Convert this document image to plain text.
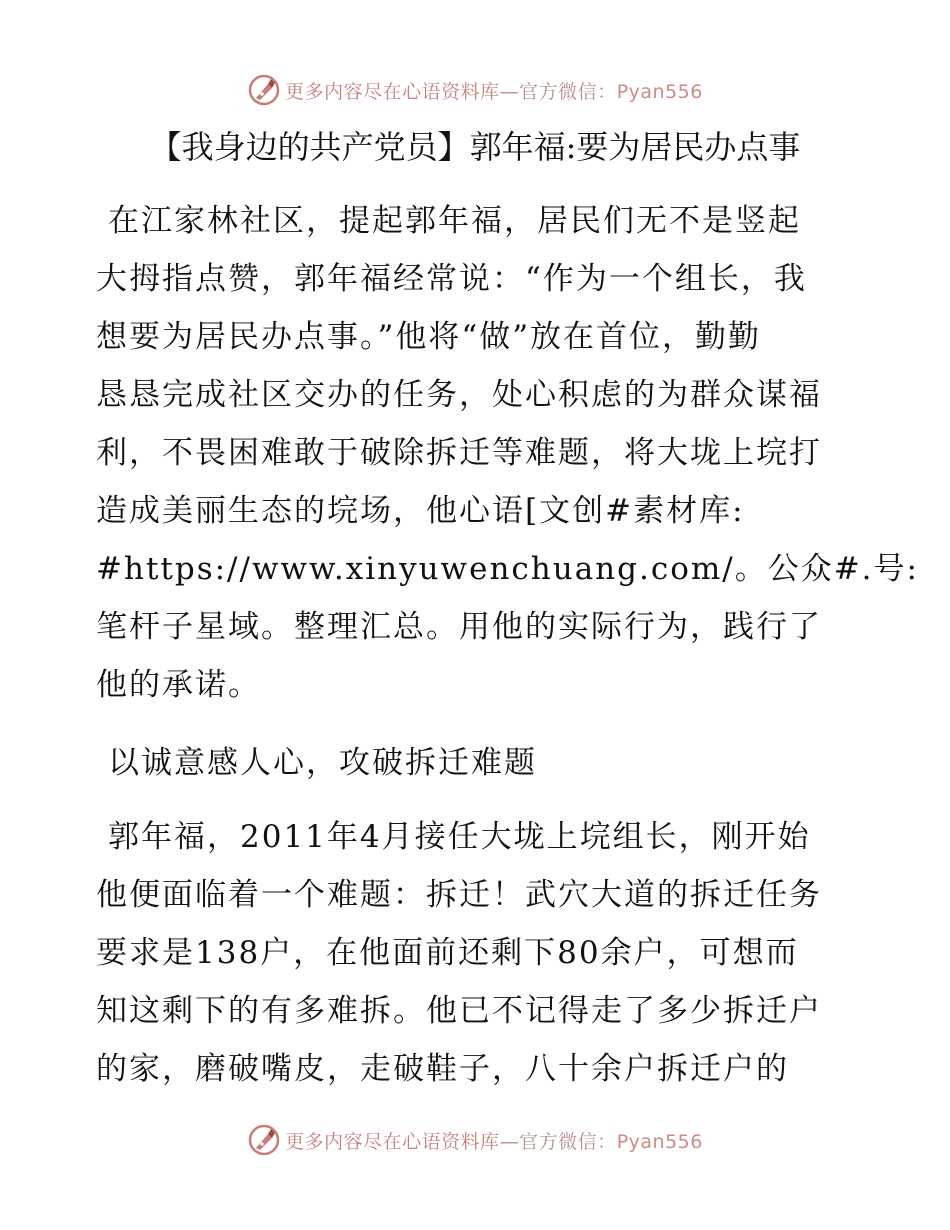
更多内容尽在心语资料库—官方微信：Pyan556
【我身边的共产党员】郭年福:要为居民办点事
在江家林社区，提起郭年福，居民们无不是竖起
大拇指点赞，郭年福经常说：“作为一个组长，我
想要为居民办点事。”他将“做”放在首位，勤勤
恳恳完成社区交办的任务，处心积虑的为群众谋福
利，不畏困难敢于破除拆迁等难题，将大垅上垸打
造成美丽生态的垸场，他心语[文创#素材库:
#https://www.xinyuwenchuang.com/。公众#.号:
笔杆子星域。整理汇总。用他的实际行为，践行了
他的承诺。
以诚意感人心，攻破拆迁难题
郭年福，2011年4月接任大垅上垸组长，刚开始
他便面临着一个难题：拆迁！武穴大道的拆迁任务
要求是138户，在他面前还剩下80余户，可想而
知这剩下的有多难拆。他已不记得走了多少拆迁户
的家，磨破嘴皮，走破鞋子，八十余户拆迁户的
更多内容尽在心语资料库—官方微信：Pyan556
